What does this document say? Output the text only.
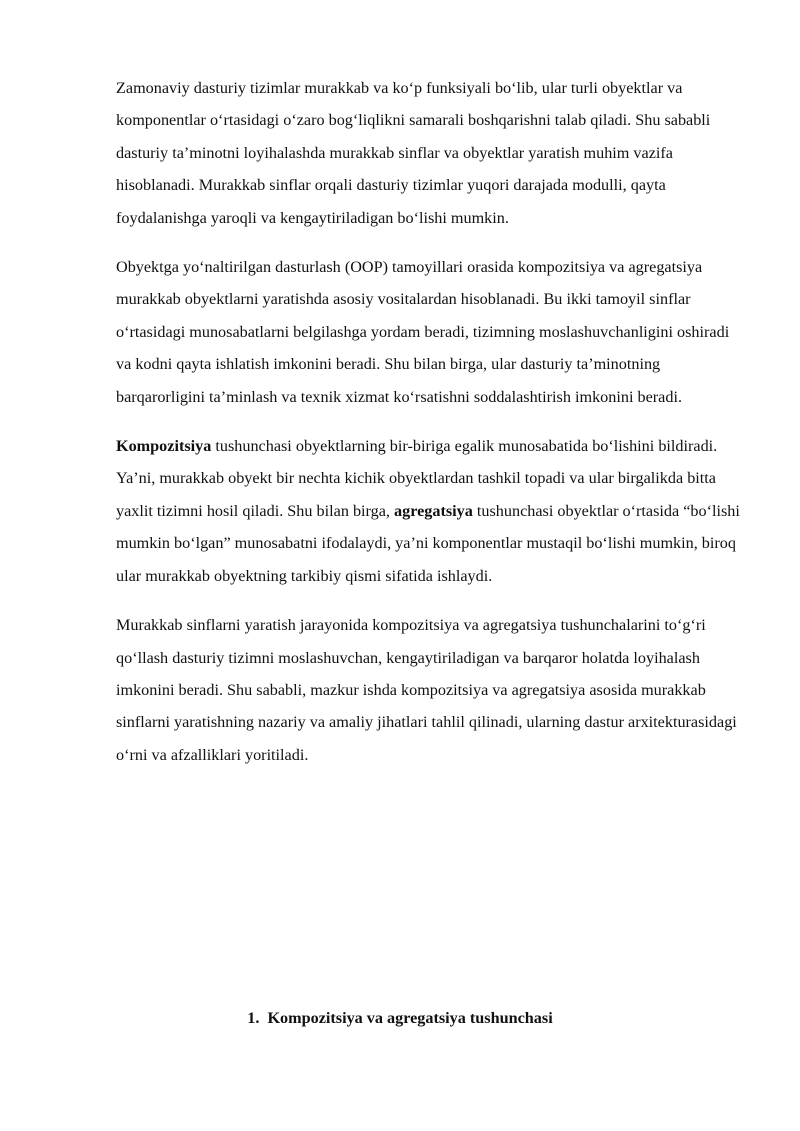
Zamonaviy dasturiy tizimlar murakkab va ko‘p funksiyali bo‘lib, ular turli obyektlar va komponentlar o‘rtasidagi o‘zaro bog‘liqlikni samarali boshqarishni talab qiladi. Shu sababli dasturiy ta’minotni loyihalashda murakkab sinflar va obyektlar yaratish muhim vazifa hisoblanadi. Murakkab sinflar orqali dasturiy tizimlar yuqori darajada modulli, qayta foydalanishga yaroqli va kengaytiriladigan bo‘lishi mumkin.

Obyektga yo‘naltirilgan dasturlash (OOP) tamoyillari orasida kompozitsiya va agregatsiya murakkab obyektlarni yaratishda asosiy vositalardan hisoblanadi. Bu ikki tamoyil sinflar o‘rtasidagi munosabatlarni belgilashga yordam beradi, tizimning moslashuvchanligini oshiradi va kodni qayta ishlatish imkonini beradi. Shu bilan birga, ular dasturiy ta’minotning barqarorligini ta’minlash va texnik xizmat ko‘rsatishni soddalashtirish imkonini beradi.

Kompozitsiya tushunchasi obyektlarning bir-biriga egalik munosabatida bo‘lishini bildiradi. Ya’ni, murakkab obyekt bir nechta kichik obyektlardan tashkil topadi va ular birgalikda bitta yaxlit tizimni hosil qiladi. Shu bilan birga, agregatsiya tushunchasi obyektlar o‘rtasida “bo‘lishi mumkin bo‘lgan” munosabatni ifodalaydi, ya’ni komponentlar mustaqil bo‘lishi mumkin, biroq ular murakkab obyektning tarkibiy qismi sifatida ishlaydi.

Murakkab sinflarni yaratish jarayonida kompozitsiya va agregatsiya tushunchalarini to‘g‘ri qo‘llash dasturiy tizimni moslashuvchan, kengaytiriladigan va barqaror holatda loyihalash imkonini beradi. Shu sababli, mazkur ishda kompozitsiya va agregatsiya asosida murakkab sinflarni yaratishning nazariy va amaliy jihatlari tahlil qilinadi, ularning dastur arxitekturasidagi o‘rni va afzalliklari yoritiladi.

1. Kompozitsiya va agregatsiya tushunchasi
